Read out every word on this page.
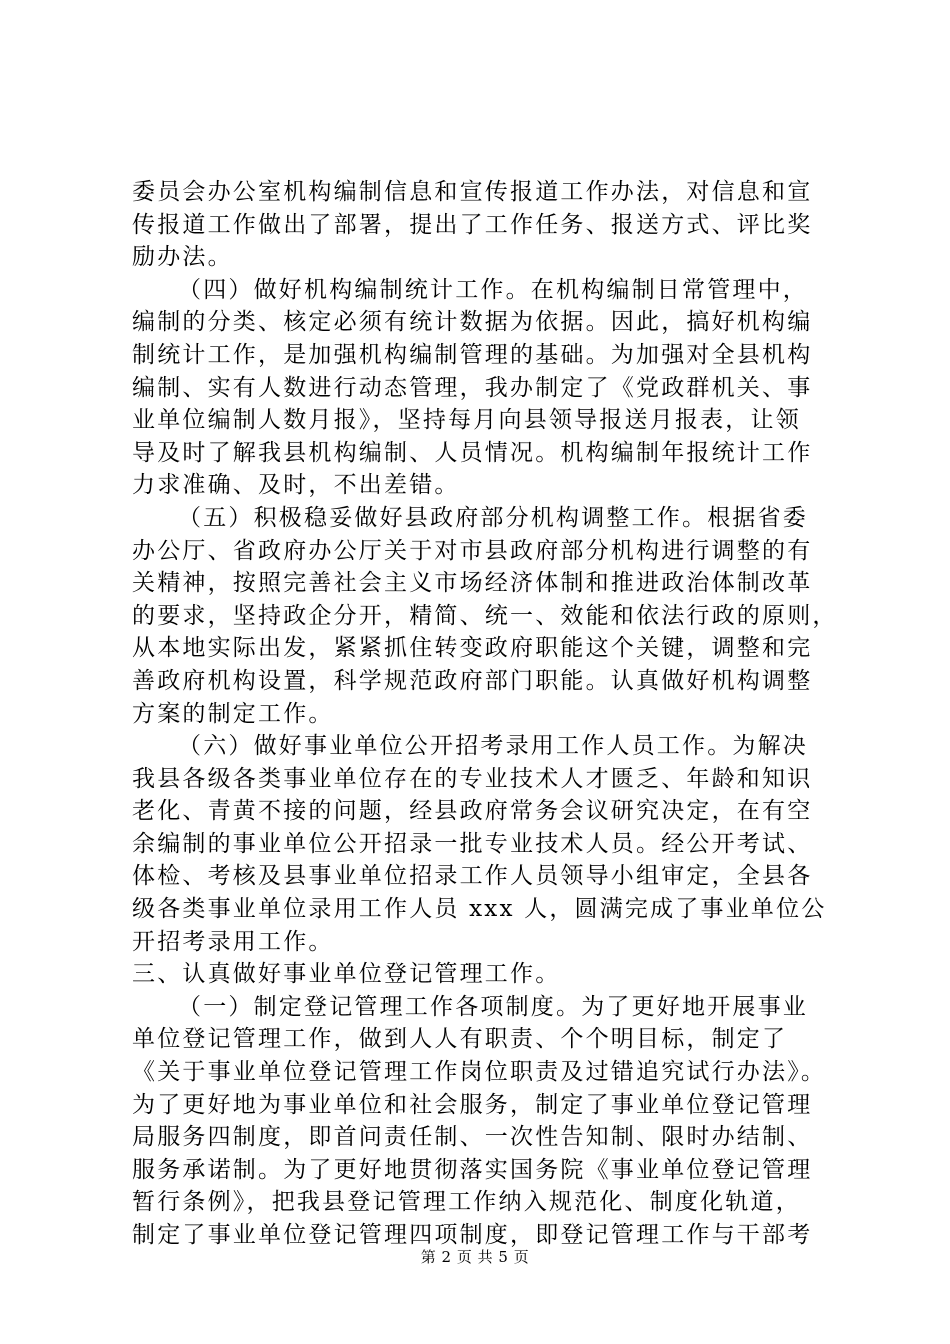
委员会办公室机构编制信息和宣传报道工作办法，对信息和宣
传报道工作做出了部署，提出了工作任务、报送方式、评比奖
励办法。
（四）做好机构编制统计工作。在机构编制日常管理中，
编制的分类、核定必须有统计数据为依据。因此，搞好机构编
制统计工作，是加强机构编制管理的基础。为加强对全县机构
编制、实有人数进行动态管理，我办制定了《党政群机关、事
业单位编制人数月报》，坚持每月向县领导报送月报表，让领
导及时了解我县机构编制、人员情况。机构编制年报统计工作
力求准确、及时，不出差错。
（五）积极稳妥做好县政府部分机构调整工作。根据省委
办公厅、省政府办公厅关于对市县政府部分机构进行调整的有
关精神，按照完善社会主义市场经济体制和推进政治体制改革
的要求，坚持政企分开，精简、统一、效能和依法行政的原则，
从本地实际出发，紧紧抓住转变政府职能这个关键，调整和完
善政府机构设置，科学规范政府部门职能。认真做好机构调整
方案的制定工作。
（六）做好事业单位公开招考录用工作人员工作。为解决
我县各级各类事业单位存在的专业技术人才匮乏、年龄和知识
老化、青黄不接的问题，经县政府常务会议研究决定，在有空
余编制的事业单位公开招录一批专业技术人员。经公开考试、
体检、考核及县事业单位招录工作人员领导小组审定，全县各
级各类事业单位录用工作人员 xxx 人，圆满完成了事业单位公
开招考录用工作。
三、认真做好事业单位登记管理工作。
（一）制定登记管理工作各项制度。为了更好地开展事业
单位登记管理工作，做到人人有职责、个个明目标，制定了
《关于事业单位登记管理工作岗位职责及过错追究试行办法》。
为了更好地为事业单位和社会服务，制定了事业单位登记管理
局服务四制度，即首问责任制、一次性告知制、限时办结制、
服务承诺制。为了更好地贯彻落实国务院《事业单位登记管理
暂行条例》，把我县登记管理工作纳入规范化、制度化轨道，
制定了事业单位登记管理四项制度，即登记管理工作与干部考
第 2 页 共 5 页
